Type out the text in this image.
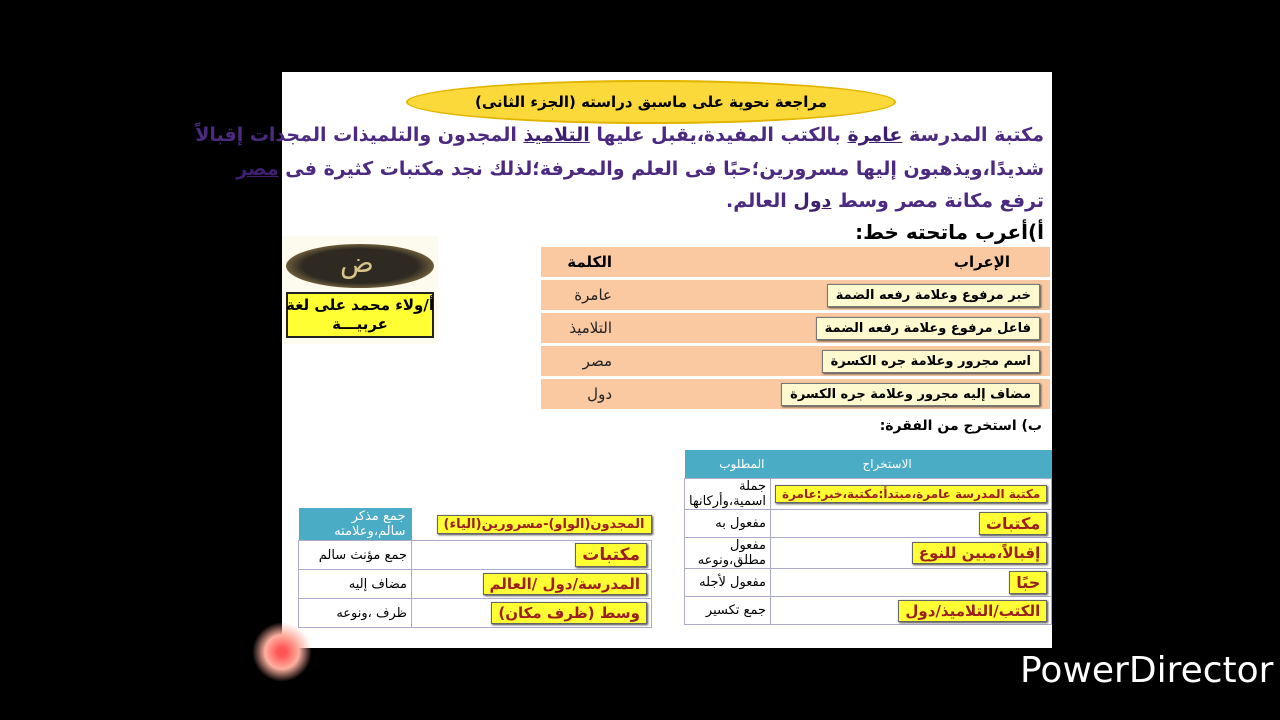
مراجعة نحوية على ماسبق دراسته (الجزء الثانى)
مكتبة المدرسة عامرة بالكتب المفيدة،يقبل عليها التلاميذ المجدون والتلميذات المجدات إقبالاً
شديدًا،ويذهبون إليها مسرورين؛حبًا فى العلم والمعرفة؛لذلك نجد مكتبات كثيرة فى مصر
ترفع مكانة مصر وسط دول العالم.
أ)أعرب ماتحته خط:
ض
أ/ولاء محمد على لغة عربيـــة
الكلمة	الإعراب
عامرة	خبر مرفوع وعلامة رفعه الضمة
التلاميذ	فاعل مرفوع وعلامة رفعه الضمة
مصر	اسم مجرور وعلامة جره الكسرة
دول	مضاف إليه مجرور وعلامة جره الكسرة
ب) استخرج من الفقرة:
المطلوب	الاستخراج
جملة اسمية،وأركانها	مكتبة المدرسة عامرة،مبتدأ:مكتبة،خبر:عامرة
مفعول به	مكتبات
مفعول مطلق،ونوعه	إقبالاً،مبين للنوع
مفعول لأجله	حبًا
جمع تكسير	الكتب/التلاميذ/دول
جمع مذكر سالم،وعلامته	المجدون(الواو)-مسرورين(الياء)
جمع مؤنث سالم	مكتبات
مضاف إليه	المدرسة/دول /العالم
ظرف ،ونوعه	وسط (ظرف مكان)
PowerDirector
